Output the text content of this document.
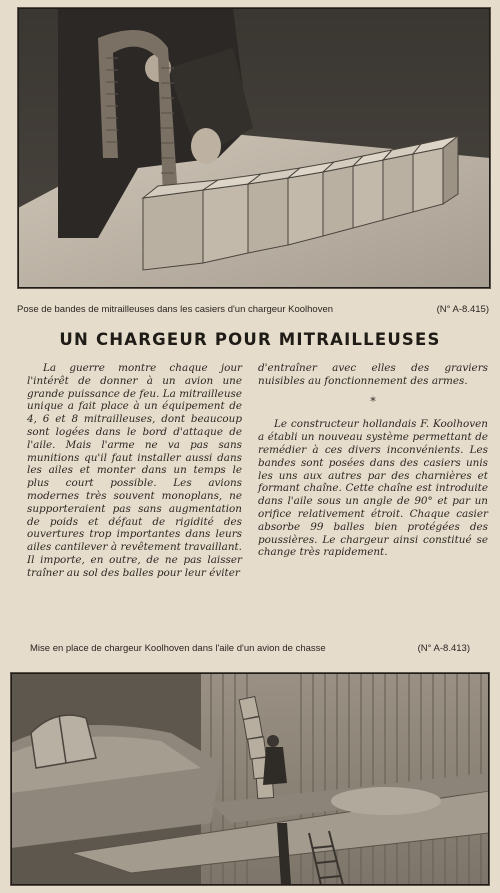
Pose de bandes de mitrailleuses dans les casiers d'un chargeur Koolhoven	(N° A-8.415)
UN CHARGEUR POUR MITRAILLEUSES

La guerre montre chaque jour l'intérêt de donner à un avion une grande puissance de feu. La mitrailleuse unique a fait place à un équipement de 4, 6 et 8 mitrailleuses, dont beaucoup sont logées dans le bord d'attaque de l'aile. Mais l'arme ne va pas sans munitions qu'il faut installer aussi dans les ailes et monter dans un temps le plus court possible. Les avions modernes très souvent monoplans, ne supporteraient pas sans augmentation de poids et défaut de rigidité des ouvertures trop importantes dans leurs ailes cantilever à revêtement travaillant. Il importe, en outre, de ne pas laisser traîner au sol des balles pour leur éviter

d'entraîner avec elles des graviers nuisibles au fonctionnement des armes.

*

Le constructeur hollandais F. Koolhoven a établi un nouveau système permettant de remédier à ces divers inconvénients. Les bandes sont posées dans des casiers unis les uns aux autres par des charnières et formant chaîne. Cette chaîne est introduite dans l'aile sous un angle de 90° et par un orifice relativement étroit. Chaque casier absorbe 99 balles bien protégées des poussières. Le chargeur ainsi constitué se change très rapidement.

Mise en place de chargeur Koolhoven dans l'aile d'un avion de chasse	(N° A-8.413)
